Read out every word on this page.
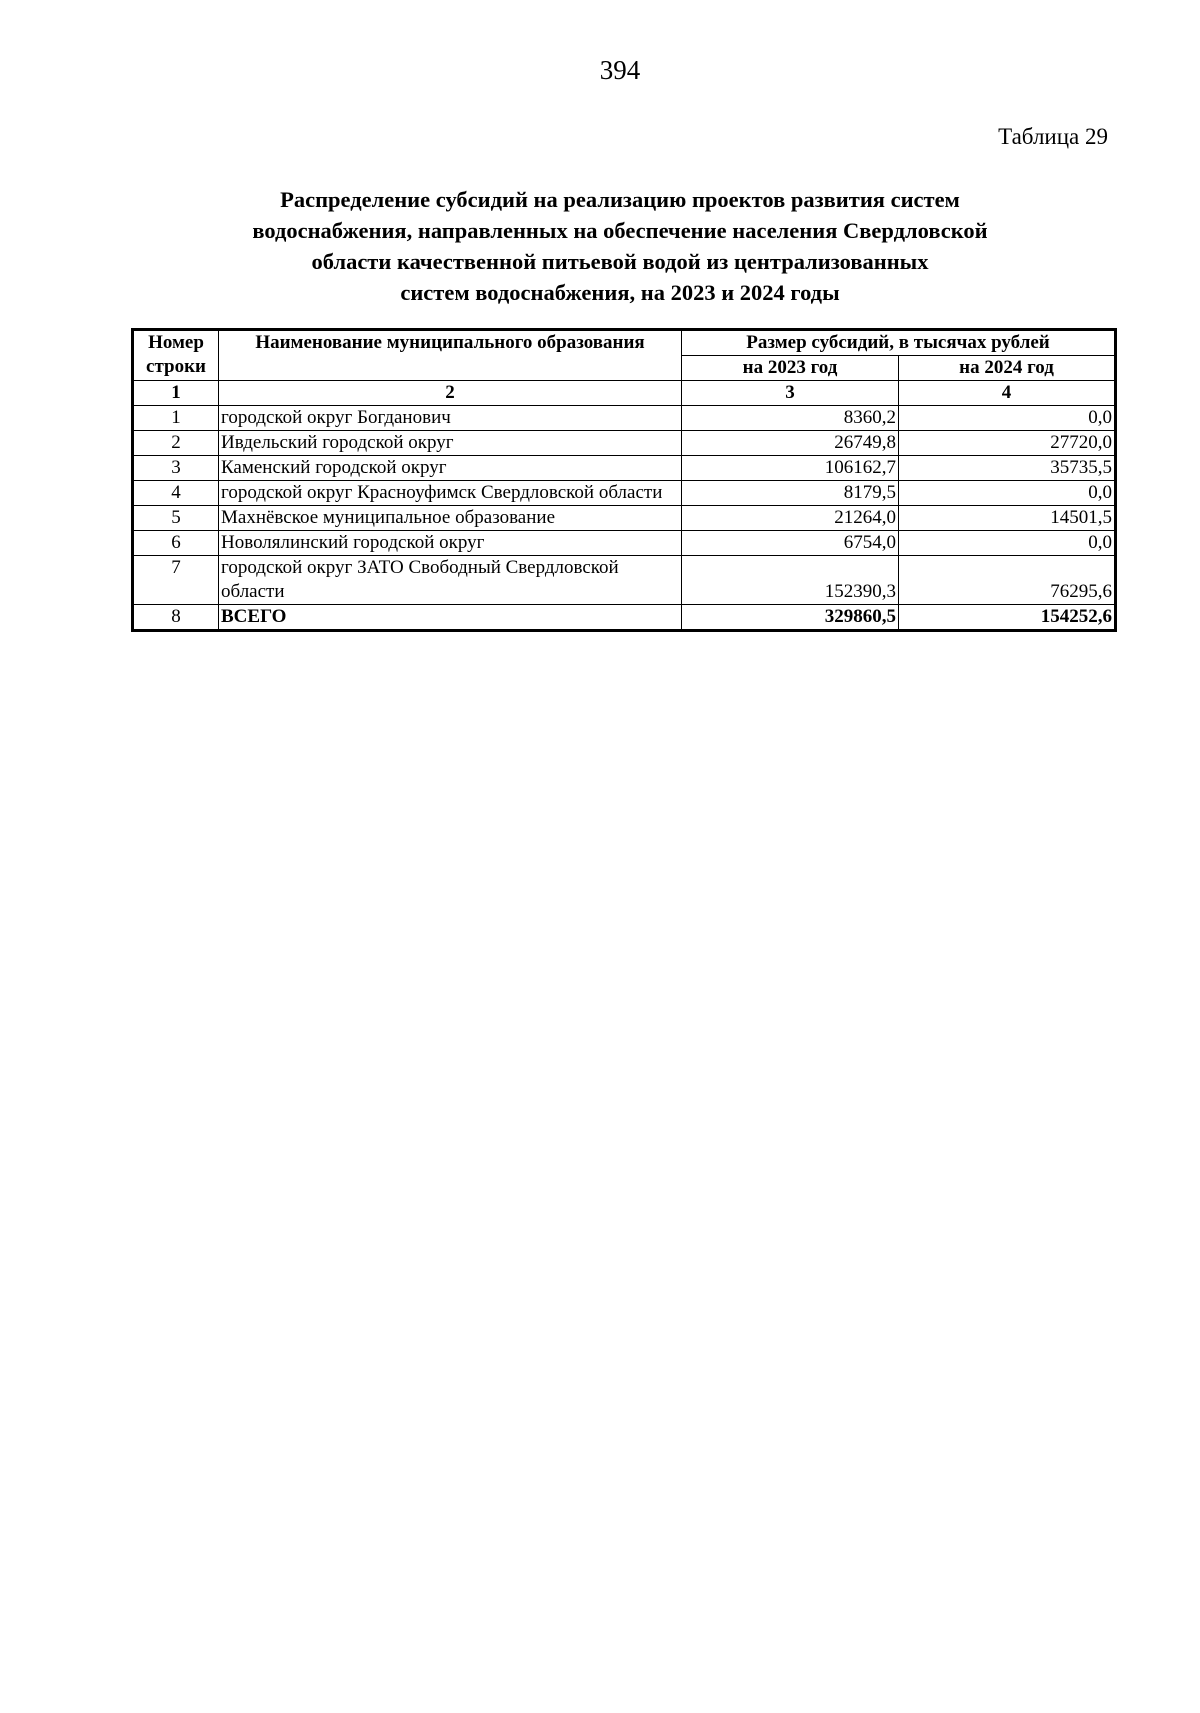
394
Таблица 29
Распределение субсидий на реализацию проектов развития систем
водоснабжения, направленных на обеспечение населения Свердловской
области качественной питьевой водой из централизованных
систем водоснабжения, на 2023 и 2024 годы
Номер
строки	Наименование муниципального образования	Размер субсидий, в тысячах рублей	
		на 2023 год	на 2024 год
1	2	3	4
1	городской округ Богданович	8360,2	0,0
2	Ивдельский городской округ	26749,8	27720,0
3	Каменский городской округ	106162,7	35735,5
4	городской округ Красноуфимск Свердловской области	8179,5	0,0
5	Махнёвское муниципальное образование	21264,0	14501,5
6	Новолялинский городской округ	6754,0	0,0
7	городской округ ЗАТО Свободный Свердловской области	152390,3	76295,6
8	ВСЕГО	329860,5	154252,6
